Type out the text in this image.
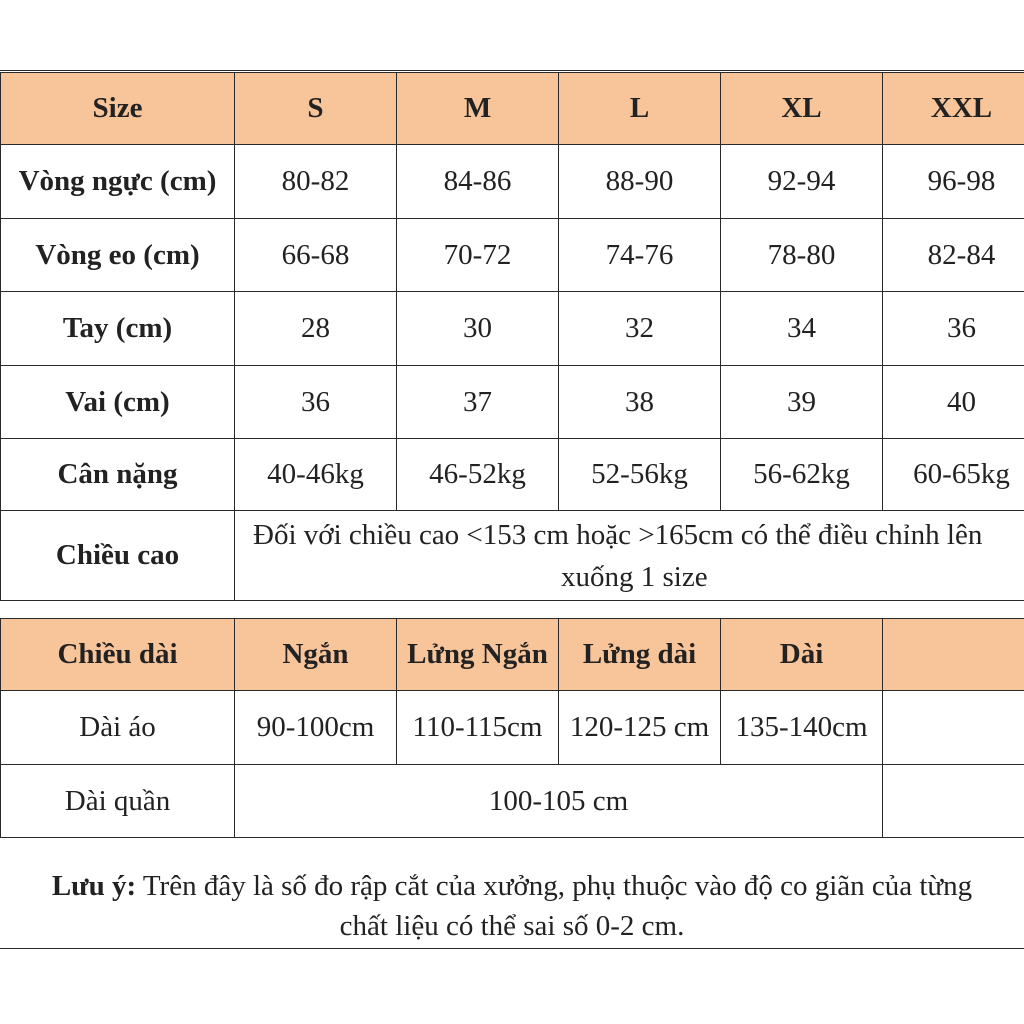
Size	S	M	L	XL	XXL
Vòng ngực (cm)	80-82	84-86	88-90	92-94	96-98
Vòng eo (cm)	66-68	70-72	74-76	78-80	82-84
Tay (cm)	28	30	32	34	36
Vai (cm)	36	37	38	39	40
Cân nặng	40-46kg	46-52kg	52-56kg	56-62kg	60-65kg
Chiều cao	Đối với chiều cao <153 cm hoặc >165cm có thể điều chỉnh lên
xuống 1 size				
Chiều dài	Ngắn	Lửng Ngắn	Lửng dài	Dài	
Dài áo	90-100cm	110-115cm	120-125 cm	135-140cm	
Dài quần	100-105 cm				
Lưu ý: Trên đây là số đo rập cắt của xưởng, phụ thuộc vào độ co giãn của từng
chất liệu có thể sai số 0-2 cm.
